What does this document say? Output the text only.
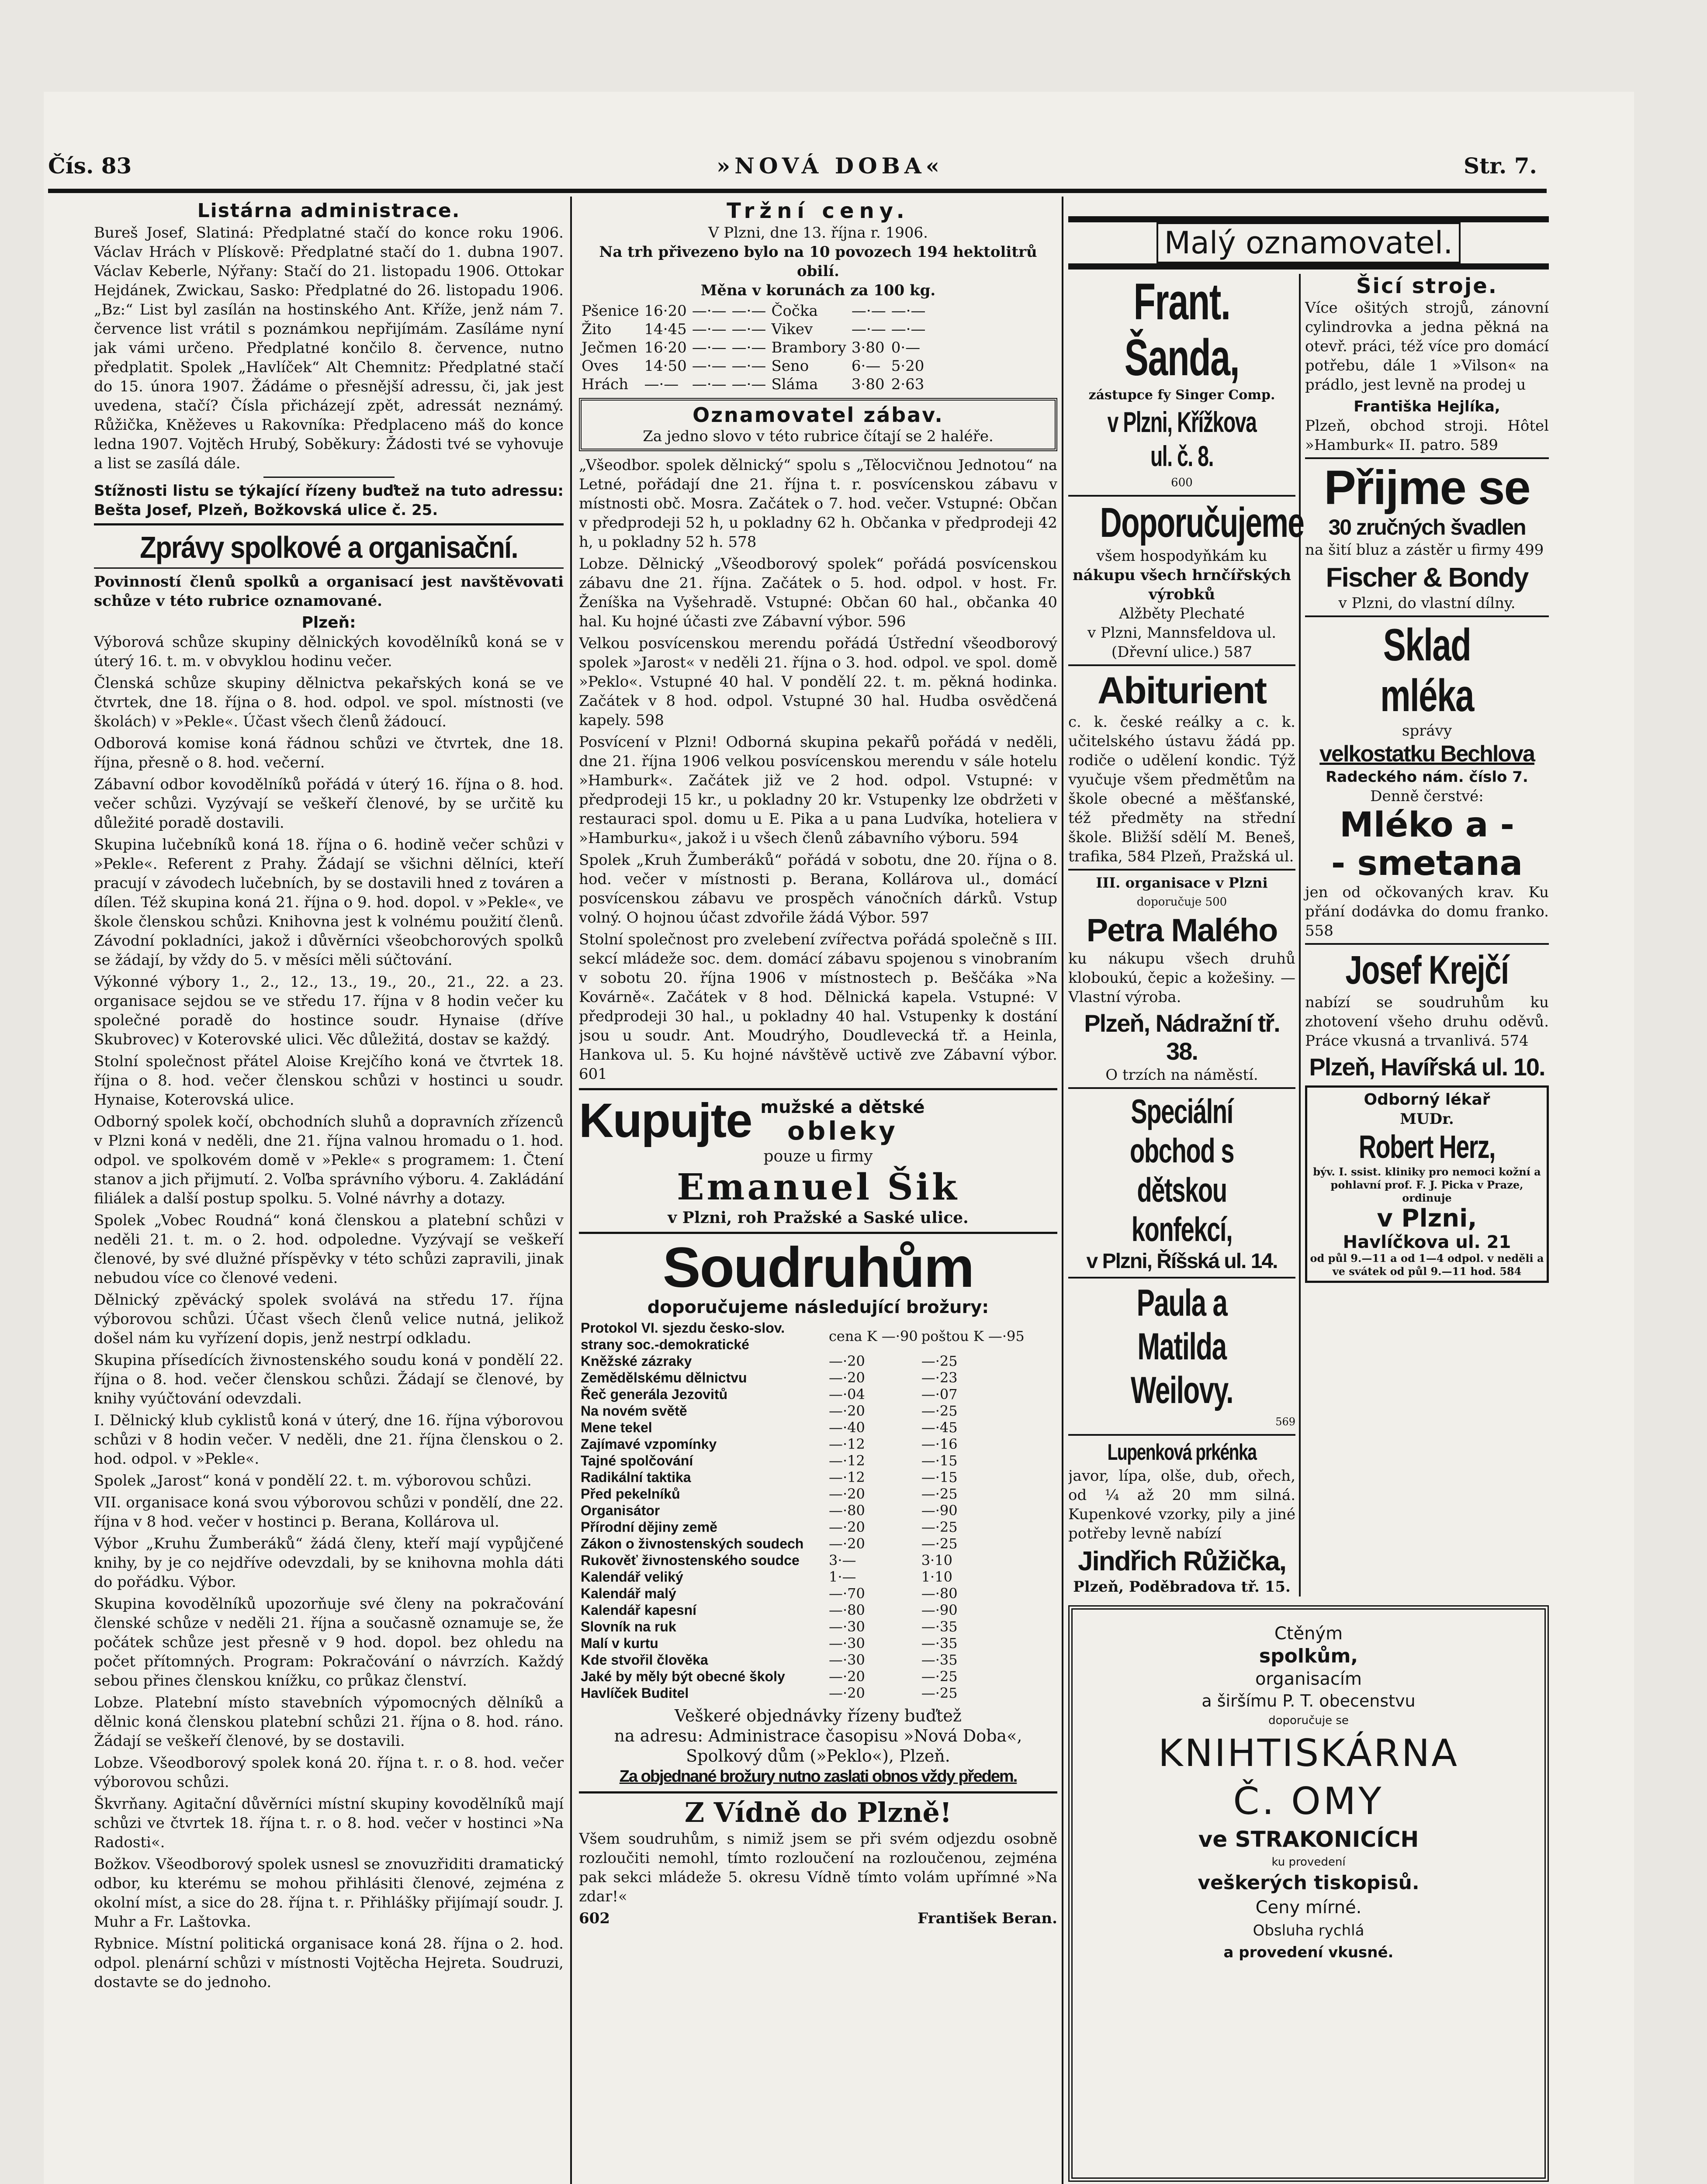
Čís. 83	»NOVÁ DOBA«	Str. 7.
Listárna administrace.

Bureš Josef, Slatiná: Předplatné stačí do konce roku 1906. Václav Hrách v Plískově: Předplatné stačí do 1. dubna 1907. Václav Keberle, Nýřany: Stačí do 21. listopadu 1906. Ottokar Hejdánek, Zwickau, Sasko: Předplatné do 26. listopadu 1906. „Bz:“ List byl zasílán na hostinského Ant. Kříže, jenž nám 7. července list vrátil s poznámkou nepřijímám. Zasíláme nyní jak vámi určeno. Předplatné končilo 8. července, nutno předplatit. Spolek „Havlíček“ Alt Chemnitz: Předplatné stačí do 15. února 1907. Žádáme o přesnější adressu, či, jak jest uvedena, stačí? Čísla přicházejí zpět, adressát neznámý. Růžička, Kněževes u Rakovníka: Předplaceno máš do konce ledna 1907. Vojtěch Hrubý, Soběkury: Žádosti tvé se vyhovuje a list se zasílá dále.

Stížnosti listu se týkající řízeny buďtež na tuto adressu: Bešta Josef, Plzeň, Božkovská ulice č. 25.

Zprávy spolkové a organisační.

Povinností členů spolků a organisací jest navštěvovati schůze v této rubrice oznamované.

Plzeň:

Výborová schůze skupiny dělnických kovodělníků koná se v úterý 16. t. m. v obvyklou hodinu večer.

Členská schůze skupiny dělnictva pekařských koná se ve čtvrtek, dne 18. října o 8. hod. odpol. ve spol. místnosti (ve školách) v »Pekle«. Účast všech členů žádoucí.

Odborová komise koná řádnou schůzi ve čtvrtek, dne 18. října, přesně o 8. hod. večerní.

Zábavní odbor kovodělníků pořádá v úterý 16. října o 8. hod. večer schůzi. Vyzývají se veškeří členové, by se určitě ku důležité poradě dostavili.

Skupina lučebníků koná 18. října o 6. hodině večer schůzi v »Pekle«. Referent z Prahy. Žádají se všichni dělníci, kteří pracují v závodech lučebních, by se dostavili hned z továren a dílen. Též skupina koná 21. října o 9. hod. dopol. v »Pekle«, ve škole členskou schůzi. Knihovna jest k volnému použití členů. Závodní pokladníci, jakož i důvěrníci všeobchorových spolků se žádají, by vždy do 5. v měsíci měli súčtování.

Výkonné výbory 1., 2., 12., 13., 19., 20., 21., 22. a 23. organisace sejdou se ve středu 17. října v 8 hodin večer ku společné poradě do hostince soudr. Hynaise (dříve Skubrovec) v Koterovské ulici. Věc důležitá, dostav se každý.

Stolní společnost přátel Aloise Krejčího koná ve čtvrtek 18. října o 8. hod. večer členskou schůzi v hostinci u soudr. Hynaise, Koterovská ulice.

Odborný spolek kočí, obchodních sluhů a dopravních zřízenců v Plzni koná v neděli, dne 21. října valnou hromadu o 1. hod. odpol. ve spolkovém domě v »Pekle« s programem: 1. Čtení stanov a jich přijmutí. 2. Voľba správního výboru. 4. Zakládání filiálek a další postup spolku. 5. Volné návrhy a dotazy.

Spolek „Vobec Roudná“ koná členskou a platební schůzi v neděli 21. t. m. o 2. hod. odpoledne. Vyzývají se veškeří členové, by své dlužné příspěvky v této schůzi zapravili, jinak nebudou více co členové vedeni.

Dělnický zpěvácký spolek svolává na středu 17. října výborovou schůzi. Účast všech členů velice nutná, jelikož došel nám ku vyřízení dopis, jenž nestrpí odkladu.

Skupina přísedících živnostenského soudu koná v pondělí 22. října o 8. hod. večer členskou schůzi. Žádají se členové, by knihy vyúčtování odevzdali.

I. Dělnický klub cyklistů koná v úterý, dne 16. října výborovou schůzi v 8 hodin večer. V neděli, dne 21. října členskou o 2. hod. odpol. v »Pekle«.

Spolek „Jarost“ koná v pondělí 22. t. m. výborovou schůzi.

VII. organisace koná svou výborovou schůzi v pondělí, dne 22. října v 8 hod. večer v hostinci p. Berana, Kollárova ul.

Výbor „Kruhu Žumberáků“ žádá členy, kteří mají vypůjčené knihy, by je co nejdříve odevzdali, by se knihovna mohla dáti do pořádku. Výbor.

Skupina kovodělníků upozorňuje své členy na pokračování členské schůze v neděli 21. října a současně oznamuje se, že počátek schůze jest přesně v 9 hod. dopol. bez ohledu na počet přítomných. Program: Pokračování o návrzích. Každý sebou přines členskou knížku, co průkaz členství.

Lobze. Platební místo stavebních výpomocných dělníků a dělnic koná členskou platební schůzi 21. října o 8. hod. ráno. Žádají se veškeří členové, by se dostavili.

Lobze. Všeodborový spolek koná 20. října t. r. o 8. hod. večer výborovou schůzi.

Škvrňany. Agitační důvěrníci místní skupiny kovodělníků mají schůzi ve čtvrtek 18. října t. r. o 8. hod. večer v hostinci »Na Radosti«.

Božkov. Všeodborový spolek usnesl se znovuzřiditi dramatický odbor, ku kterému se mohou přihlásiti členové, zejména z okolní míst, a sice do 28. října t. r. Přihlášky přijímají soudr. J. Muhr a Fr. Laštovka.

Rybnice. Místní politická organisace koná 28. října o 2. hod. odpol. plenární schůzi v místnosti Vojtěcha Hejreta. Soudruzi, dostavte se do jednoho.

Tržní ceny.
V Plzni, dne 13. října r. 1906.
Na trh přivezeno bylo na 10 povozech 194 hektolitrů obilí.
Měna v korunách za 100 kg.
Pšenice	16·20	—·—	—·—	Čočka	—·—	—·—
Žito	14·45	—·—	—·—	Vikev	—·—	—·—
Ječmen	16·20	—·—	—·—	Brambory	3·80	0·—
Oves	14·50	—·—	—·—	Seno	6·—	5·20
Hrách	—·—	—·—	—·—	Sláma	3·80	2·63
Oznamovatel zábav.
Za jedno slovo v této rubrice čítají se 2 haléře.

„Všeodbor. spolek dělnický“ spolu s „Tělocvičnou Jednotou“ na Letné, pořádají dne 21. října t. r. posvícenskou zábavu v místnosti obč. Mosra. Začátek o 7. hod. večer. Vstupné: Občan v předprodeji 52 h, u pokladny 62 h. Občanka v předprodeji 42 h, u pokladny 52 h. 578

Lobze. Dělnický „Všeodborový spolek“ pořádá posvícenskou zábavu dne 21. října. Začátek o 5. hod. odpol. v host. Fr. Ženíška na Vyšehradě. Vstupné: Občan 60 hal., občanka 40 hal. Ku hojné účasti zve Zábavní výbor. 596

Velkou posvícenskou merendu pořádá Ústřední všeodborový spolek »Jarost« v neděli 21. října o 3. hod. odpol. ve spol. domě »Peklo«. Vstupné 40 hal. V pondělí 22. t. m. pěkná hodinka. Začátek v 8 hod. odpol. Vstupné 30 hal. Hudba osvědčená kapely. 598

Posvícení v Plzni! Odborná skupina pekařů pořádá v neděli, dne 21. října 1906 velkou posvícenskou merendu v sále hotelu »Hamburk«. Začátek již ve 2 hod. odpol. Vstupné: v předprodeji 15 kr., u pokladny 20 kr. Vstupenky lze obdržeti v restauraci spol. domu u E. Pika a u pana Ludvíka, hoteliera v »Hamburku«, jakož i u všech členů zábavního výboru. 594

Spolek „Kruh Žumberáků“ pořádá v sobotu, dne 20. října o 8. hod. večer v místnosti p. Berana, Kollárova ul., domácí posvícenskou zábavu ve prospěch vánočních dárků. Vstup volný. O hojnou účast zdvořile žádá Výbor. 597

Stolní společnost pro zvelebení zvířectva pořádá společně s III. sekcí mládeže soc. dem. domácí zábavu spojenou s vinobraním v sobotu 20. října 1906 v místnostech p. Beščáka »Na Kovárně«. Začátek v 8 hod. Dělnická kapela. Vstupné: V předprodeji 30 hal., u pokladny 40 hal. Vstupenky k dostání jsou u soudr. Ant. Moudrýho, Doudlevecká tř. a Heinla, Hankova ul. 5. Ku hojné návštěvě uctivě zve Zábavní výbor. 601

Kupujte mužské a dětské
obleky
pouze u firmy
Emanuel Šik
v Plzni, roh Pražské a Saské ulice.
Soudruhům
doporučujeme následující brožury:
Protokol VI. sjezdu česko-slov. strany soc.-demokratické	cena K —·90	poštou K —·95
Kněžské zázraky	—·20	—·25
Zemědělskému dělnictvu	—·20	—·23
Řeč generála Jezovitů	—·04	—·07
Na novém světě	—·20	—·25
Mene tekel	—·40	—·45
Zajímavé vzpomínky	—·12	—·16
Tajné spolčování	—·12	—·15
Radikální taktika	—·12	—·15
Před pekelníků	—·20	—·25
Organisátor	—·80	—·90
Přírodní dějiny země	—·20	—·25
Zákon o živnostenských soudech	—·20	—·25
Rukověť živnostenského soudce	3·—	3·10
Kalendář veliký	1·—	1·10
Kalendář malý	—·70	—·80
Kalendář kapesní	—·80	—·90
Slovník na ruk	—·30	—·35
Malí v kurtu	—·30	—·35
Kde stvořil člověka	—·30	—·35
Jaké by měly být obecné školy	—·20	—·25
Havlíček Buditel	—·20	—·25
Veškeré objednávky řízeny buďtež
na adresu: Administrace časopisu »Nová Doba«,
Spolkový dům (»Peklo«), Plzeň.
Za objednané brožury nutno zaslati obnos vždy předem.
Z Vídně do Plzně!

Všem soudruhům, s nimiž jsem se při svém odjezdu osobně rozloučiti nemohl, tímto rozloučení na rozloučenou, zejména pak sekci mládeže 5. okresu Vídně tímto volám upřímné »Na zdar!«

602	František Beran.
Malý oznamovatel.
Frant. Šanda,
zástupce fy Singer Comp.
v Plzni, Křížkova ul. č. 8.
600
Doporučujeme
všem hospodyňkám ku
nákupu všech hrnčířských výrobků
Alžběty Plechaté
v Plzni, Mannsfeldova ul.
(Dřevní ulice.) 587
Abiturient

c. k. české reálky a c. k. učitelského ústavu žádá pp. rodiče o udělení kondic. Týž vyučuje všem předmětům na škole obecné a měšťanské, též předměty na střední škole. Bližší sdělí M. Beneš, trafika, 584 Plzeň, Pražská ul.

III. organisace v Plzni
doporučuje 500
Petra Malého

ku nákupu všech druhů kloboukú, čepic a kožešiny. — Vlastní výroba.

Plzeň, Nádražní tř. 38.
O trzích na náměstí.
Speciální obchod s dětskou konfekcí,
v Plzni, Říšská ul. 14.
Paula a Matilda
Weilovy.
569
Lupenková prkénka

javor, lípa, olše, dub, ořech, od ¼ až 20 mm silná. Kupenkové vzorky, pily a jiné potřeby levně nabízí

Jindřich Růžička,
Plzeň, Poděbradova tř. 15.
Šicí stroje.

Více ošitých strojů, zánovní cylindrovka a jedna pěkná na otevř. práci, též více pro domácí potřebu, dále 1 »Vilson« na prádlo, jest levně na prodej u

Františka Hejlíka,

Plzeň, obchod stroji. Hôtel »Hamburk« II. patro. 589

Přijme se
30 zručných švadlen

na šití bluz a zástěr u firmy 499

Fischer & Bondy
v Plzni, do vlastní dílny.
Sklad mléka
správy
velkostatku Bechlova
Radeckého nám. číslo 7.
Denně čerstvé:
Mléko a -
- smetana

jen od očkovaných krav. Ku přání dodávka do domu franko. 558

Josef Krejčí

nabízí se soudruhům ku zhotovení všeho druhu oděvů. Práce vkusná a trvanlivá. 574

Plzeň, Havířská ul. 10.
Odborný lékař
MUDr.
Robert Herz,
býv. I. ssist. kliniky pro nemoci kožní a pohlavní prof. F. J. Picka v Praze, ordinuje
v Plzni,
Havlíčkova ul. 21
od půl 9.—11 a od 1—4 odpol. v neděli a ve svátek od půl 9.—11 hod. 584
Ctěným
spolkům,
organisacím
a širšímu P. T. obecenstvu
doporučuje se
KNIHTISKÁRNA
Č. OMY
ve STRAKONICÍCH
ku provedení
veškerých tiskopisů.
Ceny mírné.
Obsluha rychlá
a provedení vkusné.
